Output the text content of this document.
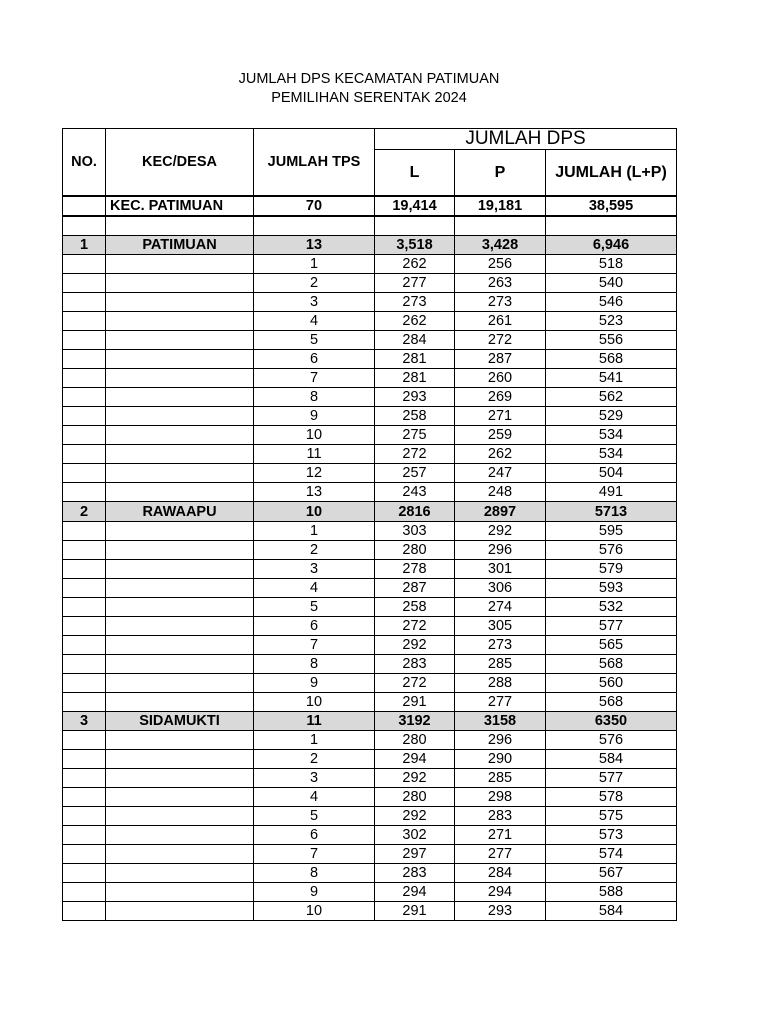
JUMLAH DPS KECAMATAN PATIMUAN
PEMILIHAN SERENTAK 2024
NO.	KEC/DESA	JUMLAH TPS	JUMLAH DPS		
			L	P	JUMLAH (L+P)
	KEC. PATIMUAN	70	19,414	19,181	38,595

1	PATIMUAN	13	3,518	3,428	6,946
		1	262	256	518
		2	277	263	540
		3	273	273	546
		4	262	261	523
		5	284	272	556
		6	281	287	568
		7	281	260	541
		8	293	269	562
		9	258	271	529
		10	275	259	534
		11	272	262	534
		12	257	247	504
		13	243	248	491
2	RAWAAPU	10	2816	2897	5713
		1	303	292	595
		2	280	296	576
		3	278	301	579
		4	287	306	593
		5	258	274	532
		6	272	305	577
		7	292	273	565
		8	283	285	568
		9	272	288	560
		10	291	277	568
3	SIDAMUKTI	11	3192	3158	6350
		1	280	296	576
		2	294	290	584
		3	292	285	577
		4	280	298	578
		5	292	283	575
		6	302	271	573
		7	297	277	574
		8	283	284	567
		9	294	294	588
		10	291	293	584
